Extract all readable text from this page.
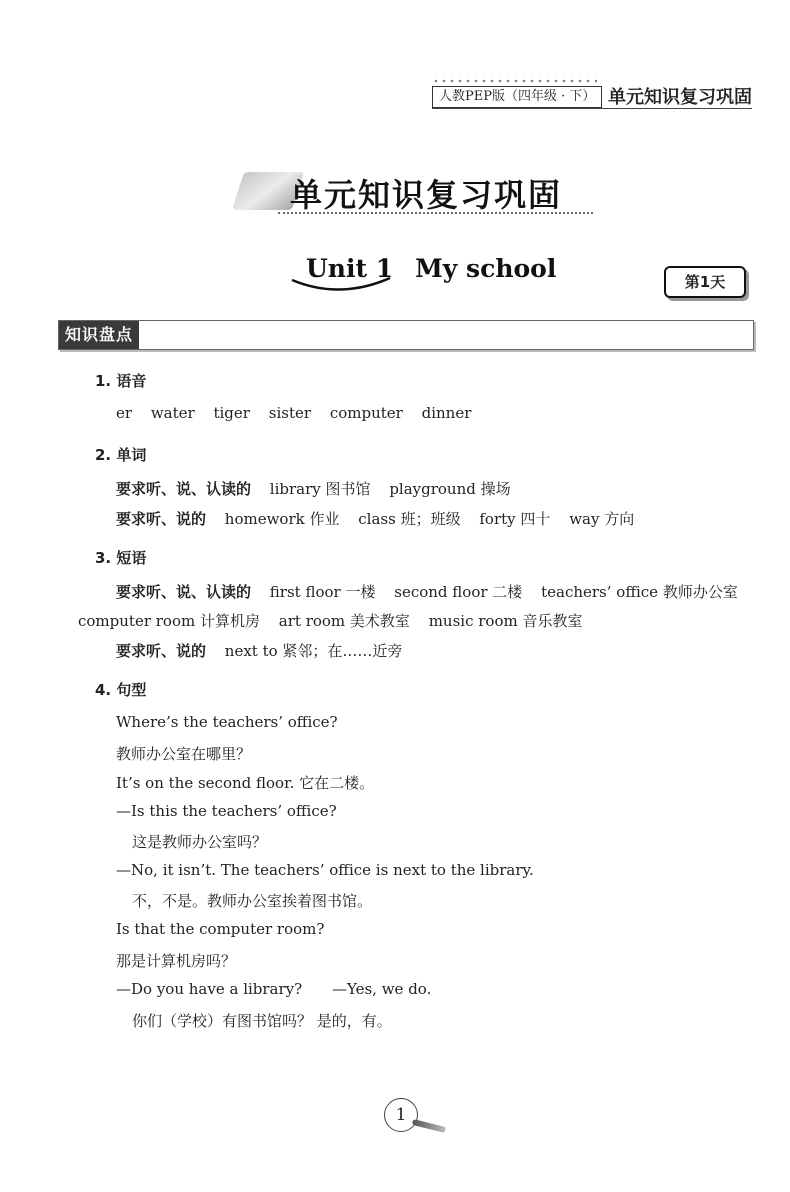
人教PEP版（四年级 · 下） 单元知识复习巩固
单元知识复习巩固
Unit 1 My school	第1天
知识盘点
1. 语音
er water tiger sister computer dinner
2. 单词
要求听、说、认读的 library 图书馆 playground 操场
要求听、说的 homework 作业 class 班；班级 forty 四十 way 方向
3. 短语
要求听、说、认读的 first floor 一楼 second floor 二楼 teachers’ office 教师办公室
computer room 计算机房 art room 美术教室 music room 音乐教室
要求听、说的 next to 紧邻；在……近旁
4. 句型
Where’s the teachers’ office?
教师办公室在哪里？
It’s on the second floor. 它在二楼。
—Is this the teachers’ office?
这是教师办公室吗？
—No, it isn’t. The teachers’ office is next to the library.
不，不是。教师办公室挨着图书馆。
Is that the computer room?
那是计算机房吗？
—Do you have a library? —Yes, we do.
你们（学校）有图书馆吗？ 是的，有。
1
